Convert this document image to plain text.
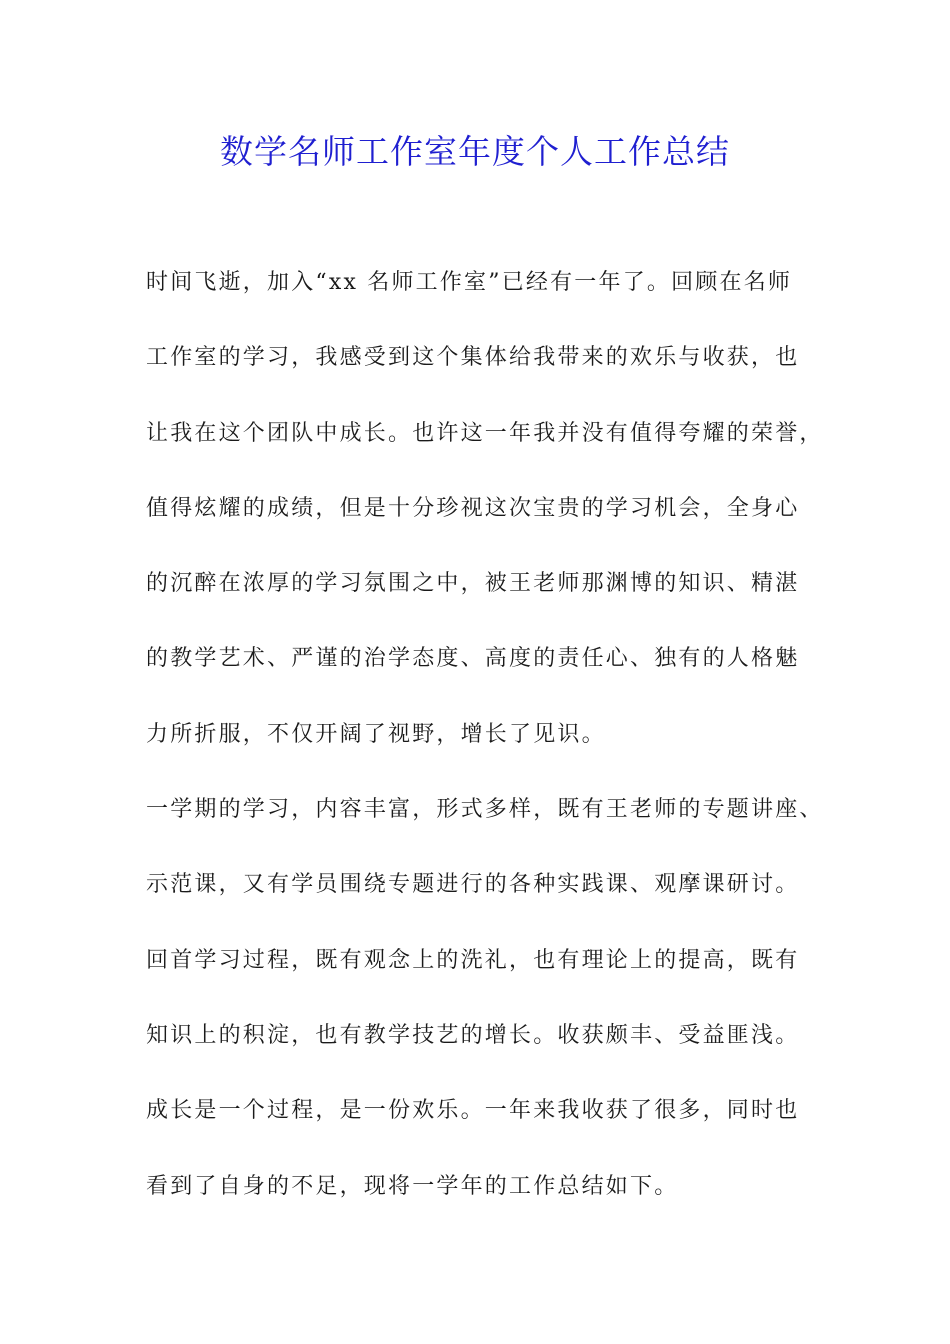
数学名师工作室年度个人工作总结
时间飞逝，加入“xx 名师工作室”已经有一年了。回顾在名师
工作室的学习，我感受到这个集体给我带来的欢乐与收获，也
让我在这个团队中成长。也许这一年我并没有值得夸耀的荣誉，
值得炫耀的成绩，但是十分珍视这次宝贵的学习机会，全身心
的沉醉在浓厚的学习氛围之中，被王老师那渊博的知识、精湛
的教学艺术、严谨的治学态度、高度的责任心、独有的人格魅
力所折服，不仅开阔了视野，增长了见识。
一学期的学习，内容丰富，形式多样，既有王老师的专题讲座、
示范课，又有学员围绕专题进行的各种实践课、观摩课研讨。
回首学习过程，既有观念上的洗礼，也有理论上的提高，既有
知识上的积淀，也有教学技艺的增长。收获颇丰、受益匪浅。
成长是一个过程，是一份欢乐。一年来我收获了很多，同时也
看到了自身的不足，现将一学年的工作总结如下。
